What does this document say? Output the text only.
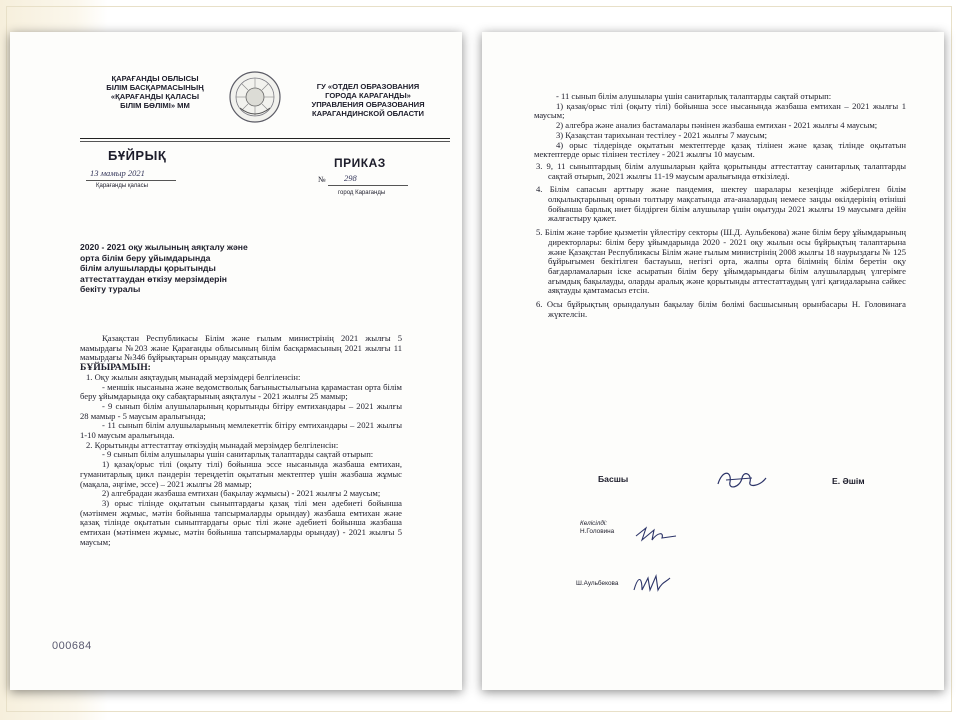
ҚАРАҒАНДЫ ОБЛЫСЫ
БІЛІМ БАСҚАРМАСЫНЫҢ
«ҚАРАҒАНДЫ ҚАЛАСЫ
БІЛІМ БӨЛІМІ» ММ
ГУ «ОТДЕЛ ОБРАЗОВАНИЯ
ГОРОДА КАРАГАНДЫ»
УПРАВЛЕНИЯ ОБРАЗОВАНИЯ
КАРАГАНДИНСКОЙ ОБЛАСТИ
БҰЙРЫҚ	ПРИКАЗ
13 мамыр 2021
Қарағанды қаласы
№ 298
город Караганды
2020 - 2021 оқу жылының аяқталу және
орта білім беру ұйымдарында
білім алушыларды қорытынды
аттестаттаудан өткізу мерзімдерін
бекіту туралы

Қазақстан Республикасы Білім және ғылым министрінің 2021 жылғы 5 мамырдағы №203 және Қарағанды облысының білім басқармасының 2021 жылғы 11 мамырдағы №346 бұйрықтарын орындау мақсатында

БҰЙЫРАМЫН:

1. Оқу жылын аяқтаудың мынадай мерзімдері белгіленсін:

- меншік нысанына және ведомстволық бағыныстылығына қарамастан орта білім беру ұйымдарында оқу сабақтарының аяқталуы - 2021 жылғы 25 мамыр;

- 9 сынып білім алушыларының қорытынды бітіру емтихандары – 2021 жылғы 28 мамыр - 5 маусым аралығында;

- 11 сынып білім алушыларының мемлекеттік бітіру емтихандары – 2021 жылғы 1-10 маусым аралығында.

2. Қорытынды аттестаттау өткізудің мынадай мерзімдер белгіленсін:

- 9 сынып білім алушылары үшін санитарлық талаптарды сақтай отырып:

1) қазақ/орыс тілі (оқыту тілі) бойынша эссе нысанында жазбаша емтихан, гуманитарлық цикл пәндерін тереңдетіп оқытатын мектептер үшін жазбаша жұмыс (мақала, әңгіме, эссе) – 2021 жылғы 28 мамыр;

2) алгебрадан жазбаша емтихан (бақылау жұмысы) - 2021 жылғы 2 маусым;

3) орыс тілінде оқытатын сыныптардағы қазақ тілі мен әдебиеті бойынша (мәтінмен жұмыс, мәтін бойынша тапсырмаларды орындау) жазбаша емтихан және қазақ тілінде оқытатын сыныптардағы орыс тілі және әдебиеті бойынша жазбаша емтихан (мәтінмен жұмыс, мәтін бойынша тапсырмаларды орындау) - 2021 жылғы 5 маусым;

000684

- 11 сынып білім алушылары үшін санитарлық талаптарды сақтай отырып:

1) қазақ/орыс тілі (оқыту тілі) бойынша эссе нысанында жазбаша емтихан – 2021 жылғы 1 маусым;

2) алгебра және анализ бастамалары пәнінен жазбаша емтихан - 2021 жылғы 4 маусым;

3) Қазақстан тарихынан тестілеу - 2021 жылғы 7 маусым;

4) орыс тілдерінде оқытатын мектептерде қазақ тілінен және қазақ тілінде оқытатын мектептерде орыс тілінен тестілеу - 2021 жылғы 10 маусым.

3. 9, 11 сыныптардың білім алушыларын қайта қорытынды аттестаттау санитарлық талаптарды сақтай отырып, 2021 жылғы 11-19 маусым аралығында өткізіледі.

4. Білім сапасын арттыру және пандемия, шектеу шаралары кезеңінде жіберілген білім олқылықтарының орнын толтыру мақсатында ата-аналардың немесе заңды өкілдерінің өтініші бойынша барлық ниет білдірген білім алушылар үшін оқытуды 2021 жылғы 19 маусымға дейін жалғастыру қажет.

5. Білім және тәрбие қызметін үйлестіру секторы (Ш.Д. Аульбекова) және білім беру ұйымдарының директорлары: білім беру ұйымдарында 2020 - 2021 оқу жылын осы бұйрықтың талаптарына және Қазақстан Республикасы Білім және ғылым министрінің 2008 жылғы 18 наурыздағы № 125 бұйрығымен бекітілген бастауыш, негізгі орта, жалпы орта білімнің білім беретін оқу бағдарламаларын іске асыратын білім беру ұйымдарындағы білім алушылардың үлгерімге ағымдық бақылауды, оларды аралық және қорытынды аттестаттаудың үлгі қағидаларына сәйкес аяқтауды қамтамасыз етсін.

6. Осы бұйрықтың орындалуын бақылау білім бөлімі басшысының орынбасары Н. Головинаға жүктелсін.

Басшы	Е. Әшім
Келісілді:
Н.Головина
Ш.Аульбекова
